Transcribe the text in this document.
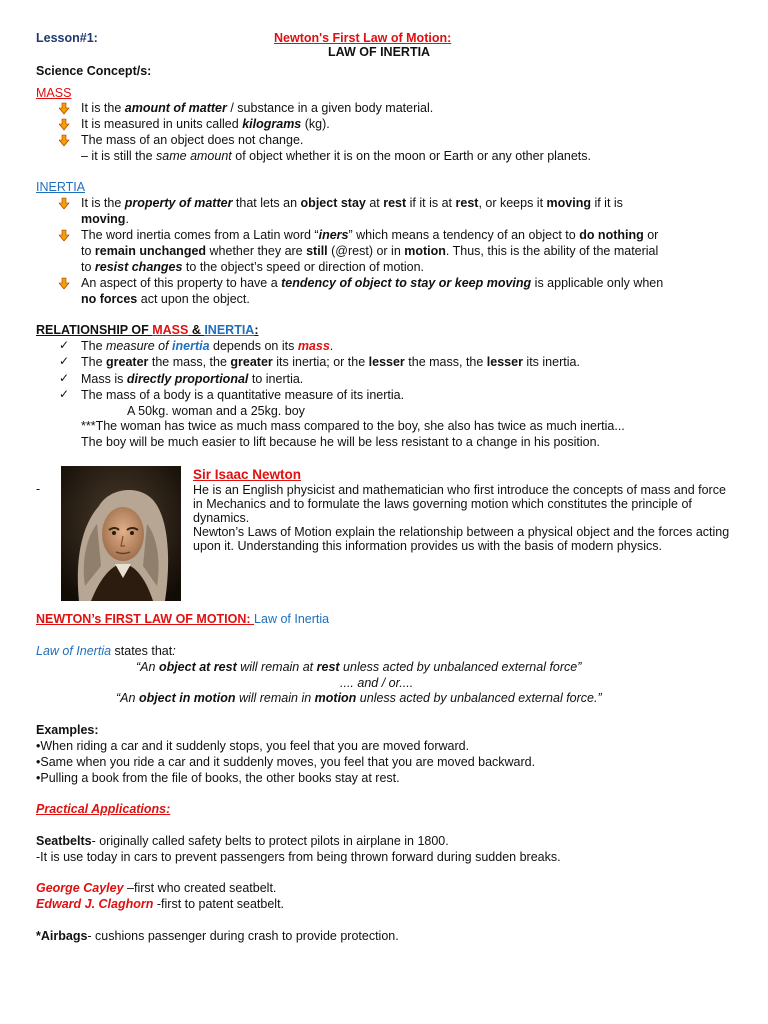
Lesson#1:	Newton's First Law of Motion:
LAW OF INERTIA
Science Concept/s:
MASS
It is the amount of matter / substance in a given body material.
It is measured in units called kilograms (kg).
The mass of an object does not change.
– it is still the same amount of object whether it is on the moon or Earth or any other planets.
INERTIA
It is the property of matter that lets an object stay at rest if it is at rest, or keeps it moving if it is
moving.
The word inertia comes from a Latin word “iners” which means a tendency of an object to do nothing or
to remain unchanged whether they are still (@rest) or in motion. Thus, this is the ability of the material
to resist changes to the object’s speed or direction of motion.
An aspect of this property to have a tendency of object to stay or keep moving is applicable only when
no forces act upon the object.
RELATIONSHIP OF MASS & INERTIA:
✓ The measure of inertia depends on its mass.
✓ The greater the mass, the greater its inertia; or the lesser the mass, the lesser its inertia.
✓ Mass is directly proportional to inertia.
✓ The mass of a body is a quantitative measure of its inertia.
A 50kg. woman and a 25kg. boy
***The woman has twice as much mass compared to the boy, she also has twice as much inertia...
The boy will be much easier to lift because he will be less resistant to a change in his position.
-
Sir Isaac Newton
He is an English physicist and mathematician who first introduce the concepts of mass and force in Mechanics and to formulate the laws governing motion which constitutes the principle of dynamics.
Newton’s Laws of Motion explain the relationship between a physical object and the forces acting upon it. Understanding this information provides us with the basis of modern physics.
NEWTON’s FIRST LAW OF MOTION: Law of Inertia
Law of Inertia states that:
“An object at rest will remain at rest unless acted by unbalanced external force”
.... and / or....
“An object in motion will remain in motion unless acted by unbalanced external force.”
Examples:
•When riding a car and it suddenly stops, you feel that you are moved forward.
•Same when you ride a car and it suddenly moves, you feel that you are moved backward.
•Pulling a book from the file of books, the other books stay at rest.
Practical Applications:
Seatbelts- originally called safety belts to protect pilots in airplane in 1800.
-It is use today in cars to prevent passengers from being thrown forward during sudden breaks.
George Cayley –first who created seatbelt.
Edward J. Claghorn -first to patent seatbelt.
*Airbags- cushions passenger during crash to provide protection.
